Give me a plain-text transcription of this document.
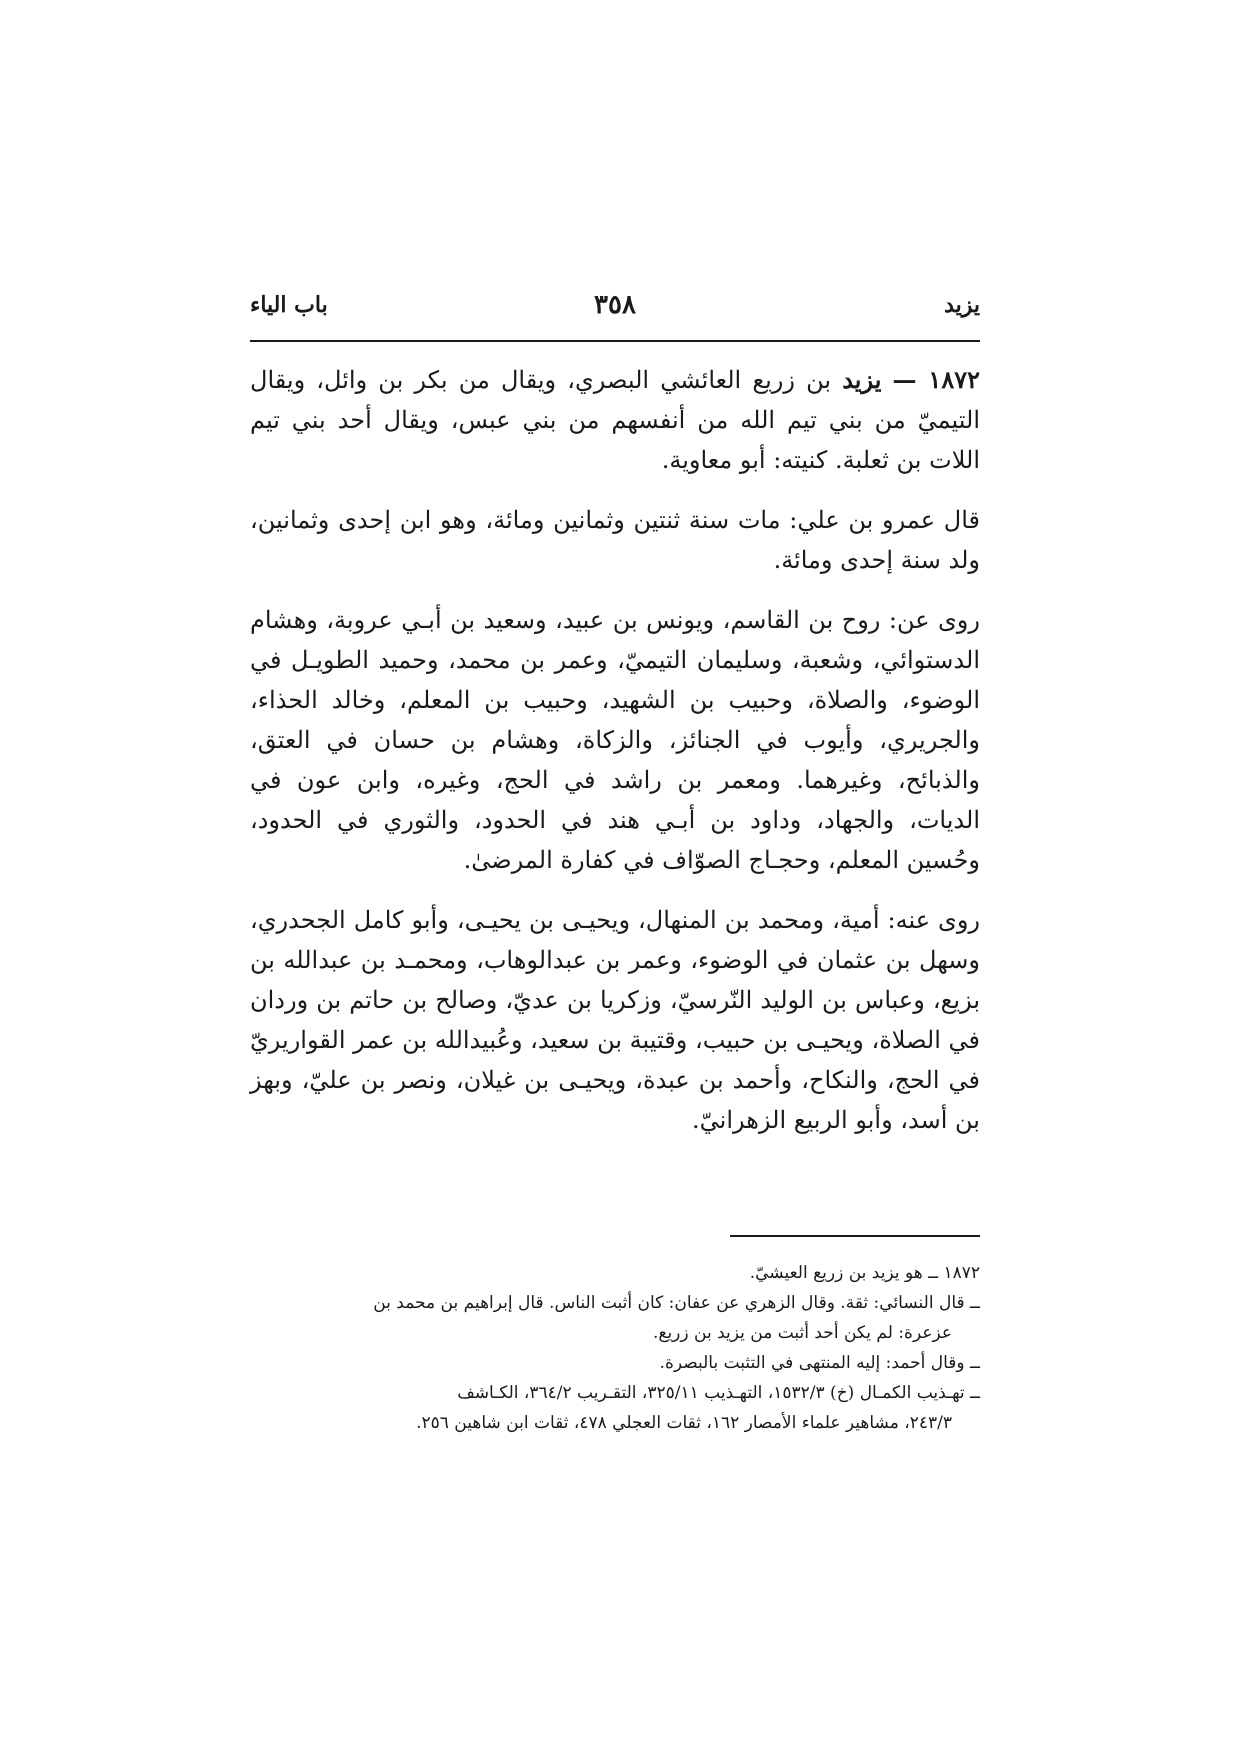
يزيد
٣٥٨
باب الياء

١٨٧٢ — يزيد بن زريع العائشي البصري، ويقال من بكر بن وائل، ويقال التيميّ من بني تيم الله من أنفسهم من بني عبس، ويقال أحد بني تيم اللات بن ثعلبة. كنيته: أبو معاوية.

قال عمرو بن علي: مات سنة ثنتين وثمانين ومائة، وهو ابن إحدى وثمانين، ولد سنة إحدى ومائة.

روى عن: روح بن القاسم، ويونس بن عبيد، وسعيد بن أبـي عروبة، وهشام الدستوائي، وشعبة، وسليمان التيميّ، وعمر بن محمد، وحميد الطويـل في الوضوء، والصلاة، وحبيب بن الشهيد، وحبيب بن المعلم، وخالد الحذاء، والجريري، وأيوب في الجنائز، والزكاة، وهشام بن حسان في العتق، والذبائح، وغيرهما. ومعمر بن راشد في الحج، وغيره، وابن عون في الديات، والجهاد، وداود بن أبـي هند في الحدود، والثوري في الحدود، وحُسين المعلم، وحجـاج الصوّاف في كفارة المرضىٰ.

روى عنه: أمية، ومحمد بن المنهال، ويحيـى بن يحيـى، وأبو كامل الجحدري، وسهل بن عثمان في الوضوء، وعمر بن عبدالوهاب، ومحمـد بن عبدالله بن بزيع، وعباس بن الوليد النّرسيّ، وزكريا بن عديّ، وصالح بن حاتم بن وردان في الصلاة، ويحيـى بن حبيب، وقتيبة بن سعيد، وعُبيدالله بن عمر القواريريّ في الحج، والنكاح، وأحمد بن عبدة، ويحيـى بن غيلان، ونصر بن عليّ، وبهز بن أسد، وأبو الربيع الزهرانيّ.

١٨٧٢ ــ هو يزيد بن زريع العيشيّ.

ــ قال النسائي: ثقة. وقال الزهري عن عفان: كان أثبت الناس. قال إبراهيم بن محمد بن

عزعرة: لم يكن أحد أثبت من يزيد بن زريع.

ــ وقال أحمد: إليه المنتهى في التثبت بالبصرة.

ــ تهـذيب الكمـال (خ) ١٥٣٢/٣، التهـذيب ٣٢٥/١١، التقـريب ٣٦٤/٢، الكـاشف

٢٤٣/٣، مشاهير علماء الأمصار ١٦٢، ثقات العجلي ٤٧٨، ثقات ابن شاهين ٢٥٦.
